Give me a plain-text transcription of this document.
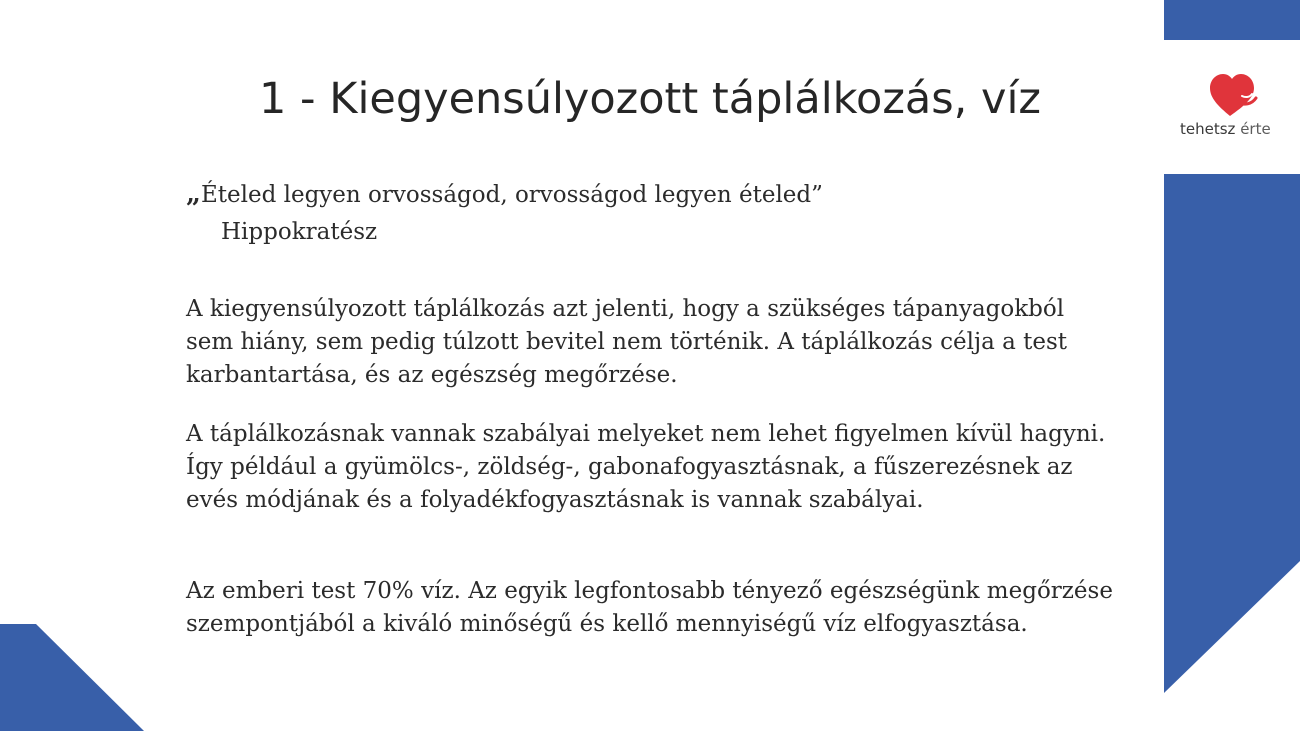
tehetsz érte
1 - Kiegyensúlyozott táplálkozás, víz
„Ételed legyen orvosságod, orvosságod legyen ételed”
Hippokratész

A kiegyensúlyozott táplálkozás azt jelenti, hogy a szükséges tápanyagokból sem hiány, sem pedig túlzott bevitel nem történik. A táplálkozás célja a test karbantartása, és az egészség megőrzése.

A táplálkozásnak vannak szabályai melyeket nem lehet figyelmen kívül hagyni. Így például a gyümölcs-, zöldség-, gabonafogyasztásnak, a fűszerezésnek az evés módjának és a folyadékfogyasztásnak is vannak szabályai.

Az emberi test 70% víz. Az egyik legfontosabb tényező egészségünk megőrzése szempontjából a kiváló minőségű és kellő mennyiségű víz elfogyasztása.
